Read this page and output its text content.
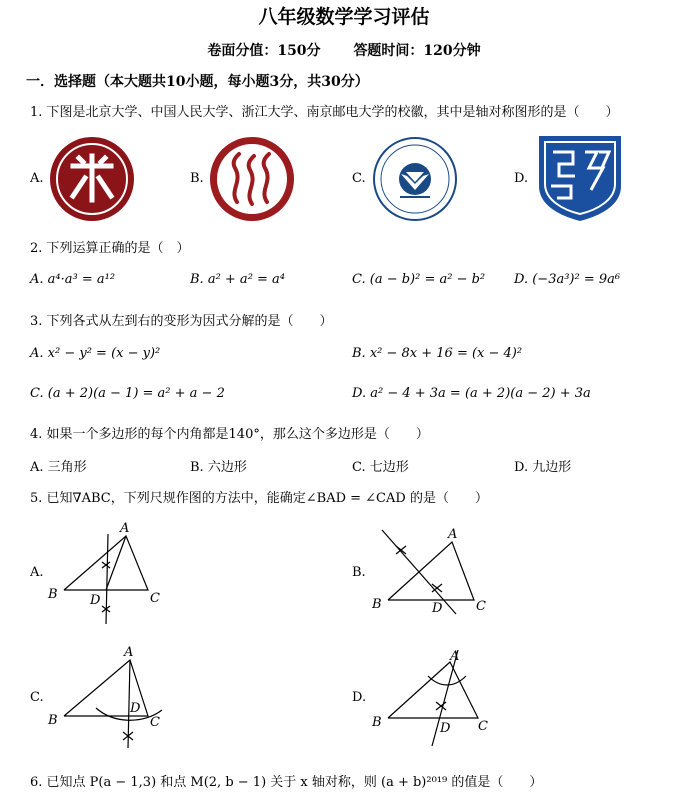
八年级数学学习评估
卷面分值：150分 答题时间：120分钟
一．选择题（本大题共10小题，每小题3分，共30分）
1. 下图是北京大学、中国人民大学、浙江大学、南京邮电大学的校徽，其中是轴对称图形的是（　　）
A.	B.	C.	D.
2. 下列运算正确的是（　）
A. a⁴·a³ = a¹²	B. a² + a² = a⁴	C. (a − b)² = a² − b² D. (−3a³)² = 9a⁶
3. 下列各式从左到右的变形为因式分解的是（　　）
A. x² − y² = (x − y)²	B. x² − 8x + 16 = (x − 4)²
C. (a + 2)(a − 1) = a² + a − 2	D. a² − 4 + 3a = (a + 2)(a − 2) + 3a
4. 如果一个多边形的每个内角都是140°，那么这个多边形是（　　）
A. 三角形	B. 六边形	C. 七边形	D. 九边形
5. 已知∇ABC，下列尺规作图的方法中，能确定∠BAD = ∠CAD 的是（　　）
A.	B.
C.	D.
A
B	C
D
A
B	C
D
A
B	C
D
A
B	C
D
6. 已知点 P(a − 1,3) 和点 M(2, b − 1) 关于 x 轴对称，则 (a + b)²⁰¹⁹ 的值是（　　）
